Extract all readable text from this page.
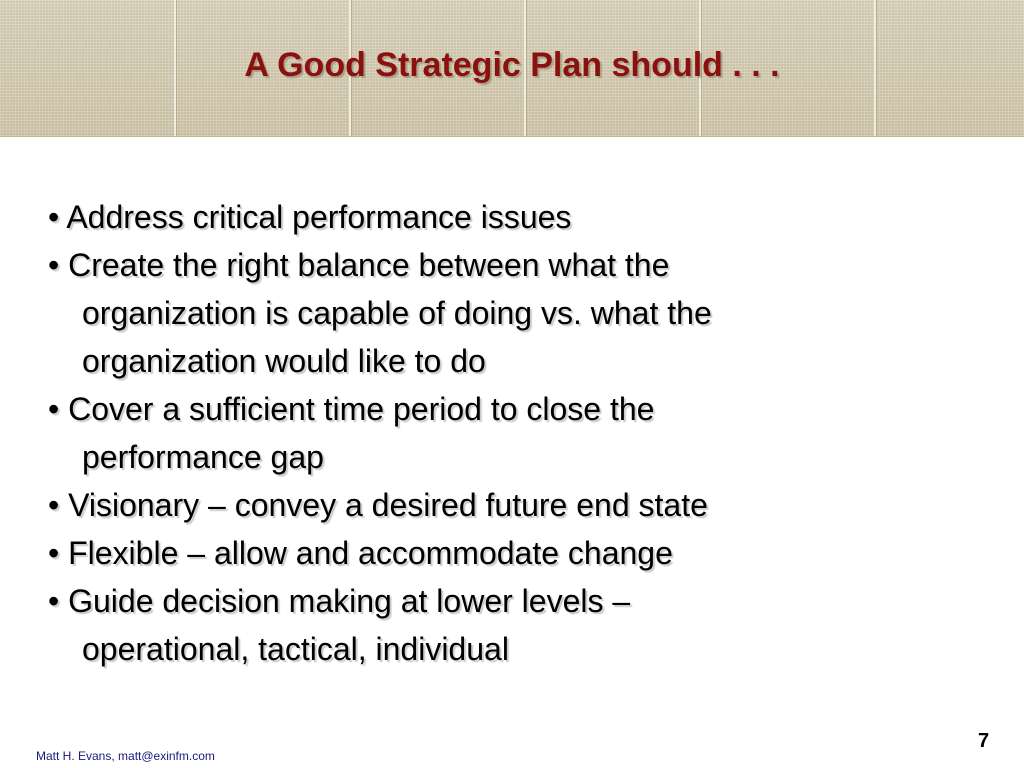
A Good Strategic Plan should . . .
• Address critical performance issues
• Create the right balance between what the
organization is capable of doing vs. what the
organization would like to do
• Cover a sufficient time period to close the
performance gap
• Visionary – convey a desired future end state
• Flexible – allow and accommodate change
• Guide decision making at lower levels –
operational, tactical, individual
Matt H. Evans, matt@exinfm.com
7
